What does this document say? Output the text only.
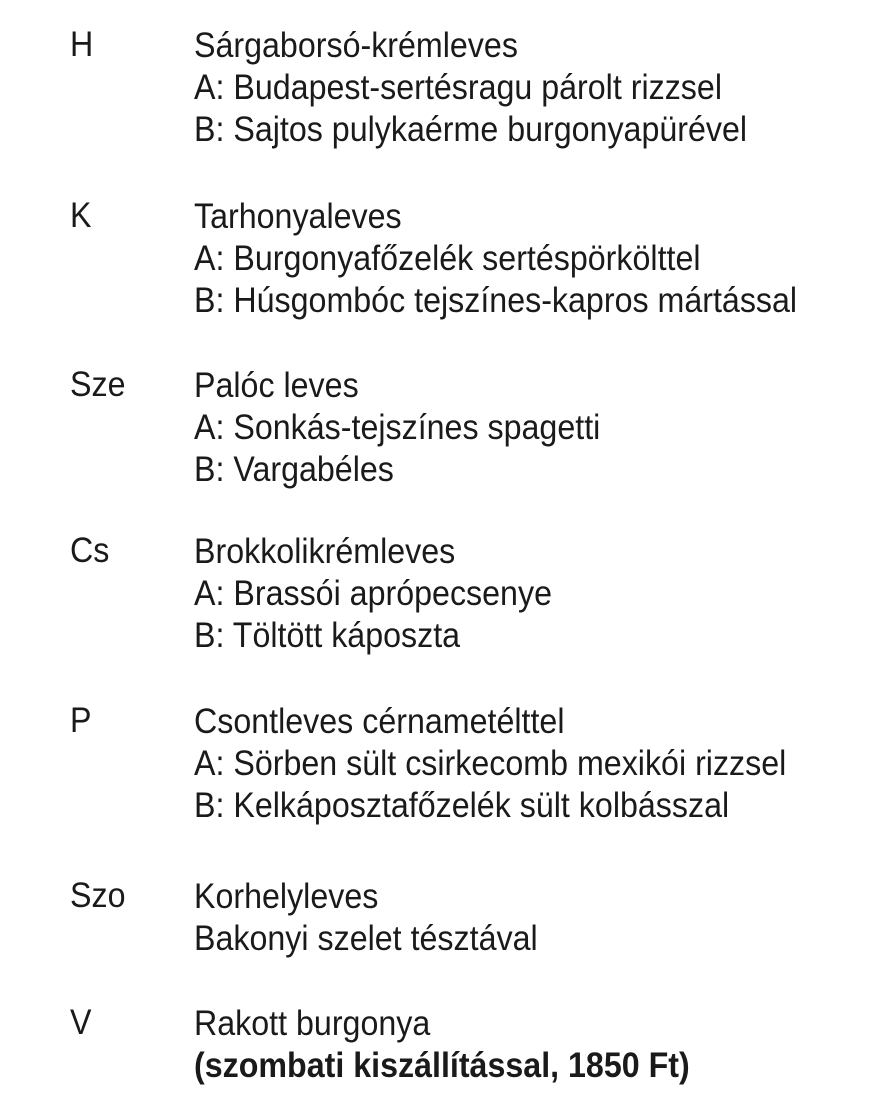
H	Sárgaborsó-krémleves
A: Budapest-sertésragu párolt rizzsel
B: Sajtos pulykaérme burgonyapürével
K	Tarhonyaleves
A: Burgonyafőzelék sertéspörkölttel
B: Húsgombóc tejszínes-kapros mártással
Sze Palóc leves
A: Sonkás-tejszínes spagetti
B: Vargabéles
Cs Brokkolikrémleves
A: Brassói aprópecsenye
B: Töltött káposzta
P	Csontleves cérnametélttel
A: Sörben sült csirkecomb mexikói rizzsel
B: Kelkáposztafőzelék sült kolbásszal
Szo Korhelyleves
Bakonyi szelet tésztával
V	Rakott burgonya
(szombati kiszállítással, 1850 Ft)
